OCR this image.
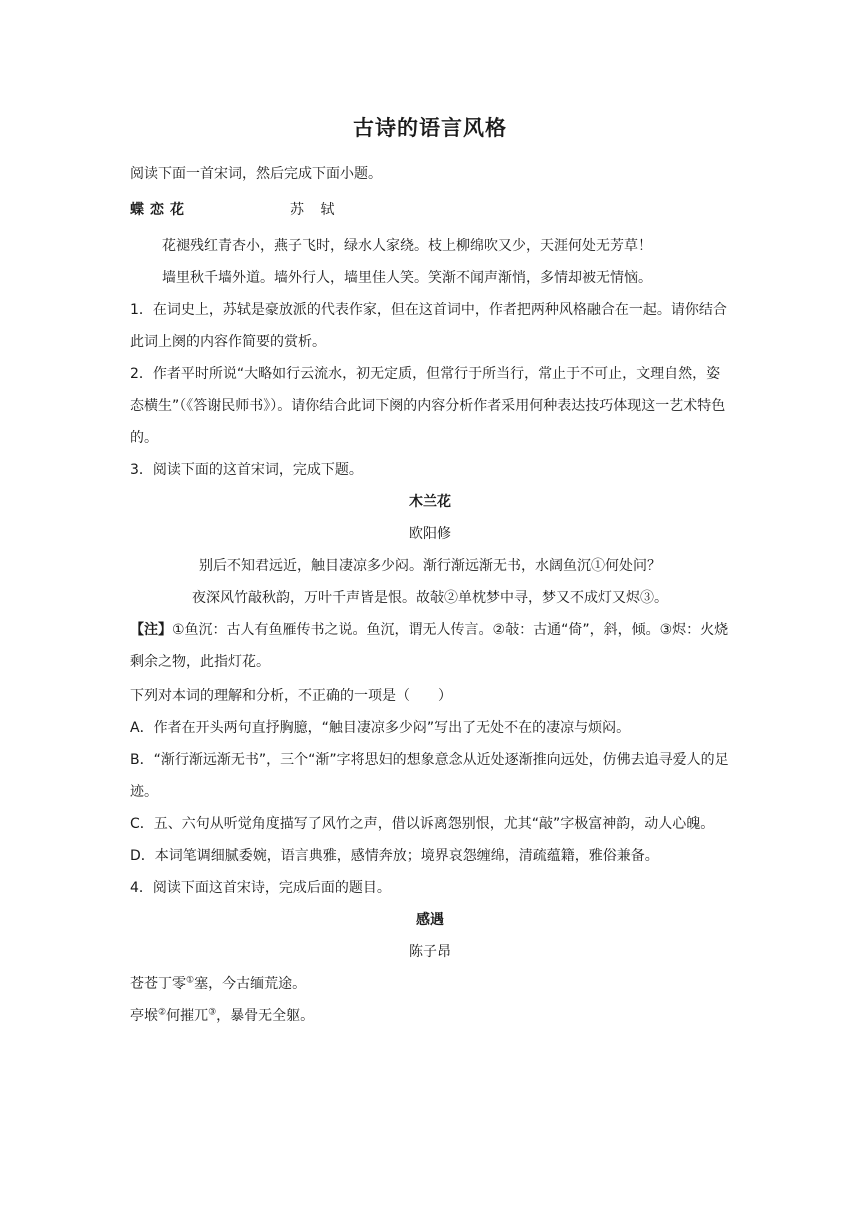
古诗的语言风格

阅读下面一首宋词，然后完成下面小题。

蝶恋花	苏 轼

花褪残红青杏小，燕子飞时，绿水人家绕。枝上柳绵吹又少，天涯何处无芳草！

墙里秋千墙外道。墙外行人，墙里佳人笑。笑渐不闻声渐悄，多情却被无情恼。

1．在词史上，苏轼是豪放派的代表作家，但在这首词中，作者把两种风格融合在一起。请你结合此词上阕的内容作简要的赏析。

2．作者平时所说“大略如行云流水，初无定质，但常行于所当行，常止于不可止，文理自然，姿态横生”（《答谢民师书》）。请你结合此词下阕的内容分析作者采用何种表达技巧体现这一艺术特色的。

3．阅读下面的这首宋词，完成下题。

木兰花

欧阳修

别后不知君远近，触目凄凉多少闷。渐行渐远渐无书，水阔鱼沉①何处问？

夜深风竹敲秋韵，万叶千声皆是恨。故敧②单枕梦中寻，梦又不成灯又烬③。

【注】①鱼沉：古人有鱼雁传书之说。鱼沉，谓无人传言。②敧：古通“倚”，斜，倾。③烬：火烧剩余之物，此指灯花。

下列对本词的理解和分析，不正确的一项是（　　）

A．作者在开头两句直抒胸臆，“触目凄凉多少闷”写出了无处不在的凄凉与烦闷。

B．“渐行渐远渐无书”，三个“渐”字将思妇的想象意念从近处逐渐推向远处，仿佛去追寻爱人的足迹。

C．五、六句从听觉角度描写了风竹之声，借以诉离怨别恨，尤其“敲”字极富神韵，动人心魄。

D．本词笔调细腻委婉，语言典雅，感情奔放；境界哀怨缠绵，清疏蕴籍，雅俗兼备。

4．阅读下面这首宋诗，完成后面的题目。

感遇

陈子昂

苍苍丁零①塞，今古缅荒途。

亭堠②何摧兀③，暴骨无全躯。
